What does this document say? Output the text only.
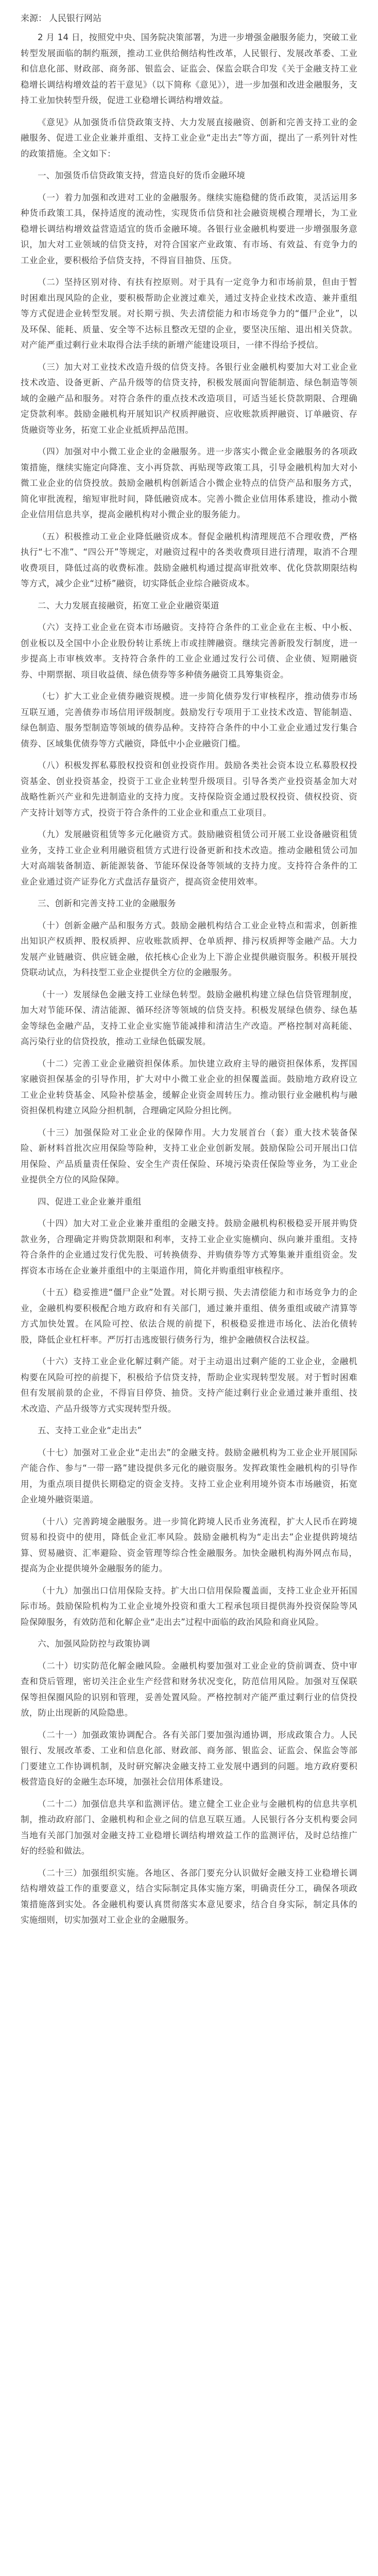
来源： 人民银行网站

2 月 14 日，按照党中央、国务院决策部署，为进一步增强金融服务能力，突破工业转型发展面临的制约瓶颈，推动工业供给侧结构性改革，人民银行、发展改革委、工业和信息化部、财政部、商务部、银监会、证监会、保监会联合印发《关于金融支持工业稳增长调结构增效益的若干意见》（以下简称《意见》），进一步加强和改进金融服务，支持工业加快转型升级，促进工业稳增长调结构增效益。

《意见》从加强货币信贷政策支持、大力发展直接融资、创新和完善支持工业的金融服务、促进工业企业兼并重组、支持工业企业“走出去”等方面，提出了一系列针对性的政策措施。全文如下：

一、加强货币信贷政策支持，营造良好的货币金融环境

（一）着力加强和改进对工业的金融服务。继续实施稳健的货币政策，灵活运用多种货币政策工具，保持适度的流动性，实现货币信贷和社会融资规模合理增长，为工业稳增长调结构增效益营造适宜的货币金融环境。各银行业金融机构要进一步增强服务意识，加大对工业领域的信贷支持，对符合国家产业政策、有市场、有效益、有竞争力的工业企业，要积极给予信贷支持，不得盲目抽贷、压贷。

（二）坚持区别对待、有扶有控原则。对于具有一定竞争力和市场前景，但由于暂时困难出现风险的企业，要积极帮助企业渡过难关，通过支持企业技术改造、兼并重组等方式促进企业转型发展。对长期亏损、失去清偿能力和市场竞争力的“僵尸企业”，以及环保、能耗、质量、安全等不达标且整改无望的企业，要坚决压缩、退出相关贷款。对产能严重过剩行业未取得合法手续的新增产能建设项目，一律不得给予授信。

（三）加大对工业技术改造升级的信贷支持。各银行业金融机构要加大对工业企业技术改造、设备更新、产品升级等的信贷支持，积极发展面向智能制造、绿色制造等领域的金融产品和服务。对符合条件的重点技术改造项目，可适当延长贷款期限、合理确定贷款利率。鼓励金融机构开展知识产权质押融资、应收账款质押融资、订单融资、存货融资等业务，拓宽工业企业抵质押品范围。

（四）加强对中小微工业企业的金融服务。进一步落实小微企业金融服务的各项政策措施，继续实施定向降准、支小再贷款、再贴现等政策工具，引导金融机构加大对小微工业企业的信贷投放。鼓励金融机构创新适合小微企业特点的信贷产品和服务方式，简化审批流程，缩短审批时间，降低融资成本。完善小微企业信用体系建设，推动小微企业信用信息共享，提高金融机构对小微企业的服务能力。

（五）积极推动工业企业降低融资成本。督促金融机构清理规范不合理收费，严格执行“七不准”、“四公开”等规定，对融资过程中的各类收费项目进行清理，取消不合理收费项目，降低过高的收费标准。鼓励金融机构通过提高审批效率、优化贷款期限结构等方式，减少企业“过桥”融资，切实降低企业综合融资成本。

二、大力发展直接融资，拓宽工业企业融资渠道

（六）支持工业企业在资本市场融资。支持符合条件的工业企业在主板、中小板、创业板以及全国中小企业股份转让系统上市或挂牌融资。继续完善新股发行制度，进一步提高上市审核效率。支持符合条件的工业企业通过发行公司债、企业债、短期融资券、中期票据、项目收益债、绿色债券等多种债务融资工具筹集资金。

（七）扩大工业企业债券融资规模。进一步简化债券发行审核程序，推动债券市场互联互通，完善债券市场信用评级制度。鼓励发行专项用于工业技术改造、智能制造、绿色制造、服务型制造等领域的债券品种。支持符合条件的中小工业企业通过发行集合债券、区域集优债券等方式融资，降低中小企业融资门槛。

（八）积极发挥私募股权投资和创业投资作用。鼓励各类社会资本设立私募股权投资基金、创业投资基金，投资于工业企业转型升级项目。引导各类产业投资基金加大对战略性新兴产业和先进制造业的支持力度。支持保险资金通过股权投资、债权投资、资产支持计划等方式，投资于符合条件的工业企业和重点工业项目。

（九）发展融资租赁等多元化融资方式。鼓励融资租赁公司开展工业设备融资租赁业务，支持工业企业利用融资租赁方式进行设备更新和技术改造。推动金融租赁公司加大对高端装备制造、新能源装备、节能环保设备等领域的支持力度。支持符合条件的工业企业通过资产证券化方式盘活存量资产，提高资金使用效率。

三、创新和完善支持工业的金融服务

（十）创新金融产品和服务方式。鼓励金融机构结合工业企业特点和需求，创新推出知识产权质押、股权质押、应收账款质押、仓单质押、排污权质押等金融产品。大力发展产业链融资、供应链金融，依托核心企业为上下游企业提供融资服务。积极开展投贷联动试点，为科技型工业企业提供全方位的金融服务。

（十一）发展绿色金融支持工业绿色转型。鼓励金融机构建立绿色信贷管理制度，加大对节能环保、清洁能源、循环经济等领域的信贷支持。积极发展绿色债券、绿色基金等绿色金融产品，支持工业企业实施节能减排和清洁生产改造。严格控制对高耗能、高污染行业的信贷投放，推动工业绿色低碳发展。

（十二）完善工业企业融资担保体系。加快建立政府主导的融资担保体系，发挥国家融资担保基金的引导作用，扩大对中小微工业企业的担保覆盖面。鼓励地方政府设立工业企业转贷基金、风险补偿基金，缓解企业资金周转压力。推动银行业金融机构与融资担保机构建立风险分担机制，合理确定风险分担比例。

（十三）加强保险对工业企业的保障作用。大力发展首台（套）重大技术装备保险、新材料首批次应用保险等险种，支持工业企业创新发展。鼓励保险公司开展出口信用保险、产品质量责任保险、安全生产责任保险、环境污染责任保险等业务，为工业企业提供全方位的风险保障。

四、促进工业企业兼并重组

（十四）加大对工业企业兼并重组的金融支持。鼓励金融机构积极稳妥开展并购贷款业务，合理确定并购贷款期限和利率，支持工业企业实施横向、纵向兼并重组。支持符合条件的企业通过发行优先股、可转换债券、并购债券等方式筹集兼并重组资金。发挥资本市场在企业兼并重组中的主渠道作用，简化并购重组审核程序。

（十五）稳妥推进“僵尸企业”处置。对长期亏损、失去清偿能力和市场竞争力的企业，金融机构要积极配合地方政府和有关部门，通过兼并重组、债务重组或破产清算等方式加快处置。在风险可控、依法合规的前提下，积极稳妥推进市场化、法治化债转股，降低企业杠杆率。严厉打击逃废银行债务行为，维护金融债权合法权益。

（十六）支持工业企业化解过剩产能。对于主动退出过剩产能的工业企业，金融机构要在风险可控的前提下，积极给予信贷支持，帮助企业实现转型发展。对于暂时困难但有发展前景的企业，不得盲目停贷、抽贷。支持产能过剩行业企业通过兼并重组、技术改造、产品升级等方式实现转型升级。

五、支持工业企业“走出去”

（十七）加强对工业企业“走出去”的金融支持。鼓励金融机构为工业企业开展国际产能合作、参与“一带一路”建设提供多元化的融资服务。发挥政策性金融机构的引导作用，为重点项目提供长期稳定的资金支持。支持工业企业利用境外资本市场融资，拓宽企业境外融资渠道。

（十八）完善跨境金融服务。进一步简化跨境人民币业务流程，扩大人民币在跨境贸易和投资中的使用，降低企业汇率风险。鼓励金融机构为“走出去”企业提供跨境结算、贸易融资、汇率避险、资金管理等综合性金融服务。加快金融机构海外网点布局，提高为企业提供境外金融服务的能力。

（十九）加强出口信用保险支持。扩大出口信用保险覆盖面，支持工业企业开拓国际市场。鼓励保险机构为工业企业境外投资和重大工程承包项目提供海外投资保险等风险保障服务，有效防范和化解企业“走出去”过程中面临的政治风险和商业风险。

六、加强风险防控与政策协调

（二十）切实防范化解金融风险。金融机构要加强对工业企业的贷前调查、贷中审查和贷后管理，密切关注企业生产经营和财务状况变化，防范信用风险。加强对互保联保等担保圈风险的识别和管理，妥善处置风险。严格控制对产能严重过剩行业的信贷投放，防止出现新的风险隐患。

（二十一）加强政策协调配合。各有关部门要加强沟通协调，形成政策合力。人民银行、发展改革委、工业和信息化部、财政部、商务部、银监会、证监会、保监会等部门要建立工作协调机制，及时研究解决金融支持工业发展中遇到的问题。地方政府要积极营造良好的金融生态环境，加强社会信用体系建设。

（二十二）加强信息共享和监测评估。建立健全工业企业与金融机构的信息共享机制，推动政府部门、金融机构和企业之间的信息互联互通。人民银行各分支机构要会同当地有关部门加强对金融支持工业稳增长调结构增效益工作的监测评估，及时总结推广好的经验和做法。

（二十三）加强组织实施。各地区、各部门要充分认识做好金融支持工业稳增长调结构增效益工作的重要意义，结合实际制定具体实施方案，明确责任分工，确保各项政策措施落到实处。各金融机构要认真贯彻落实本意见要求，结合自身实际，制定具体的实施细则，切实加强对工业企业的金融服务。
